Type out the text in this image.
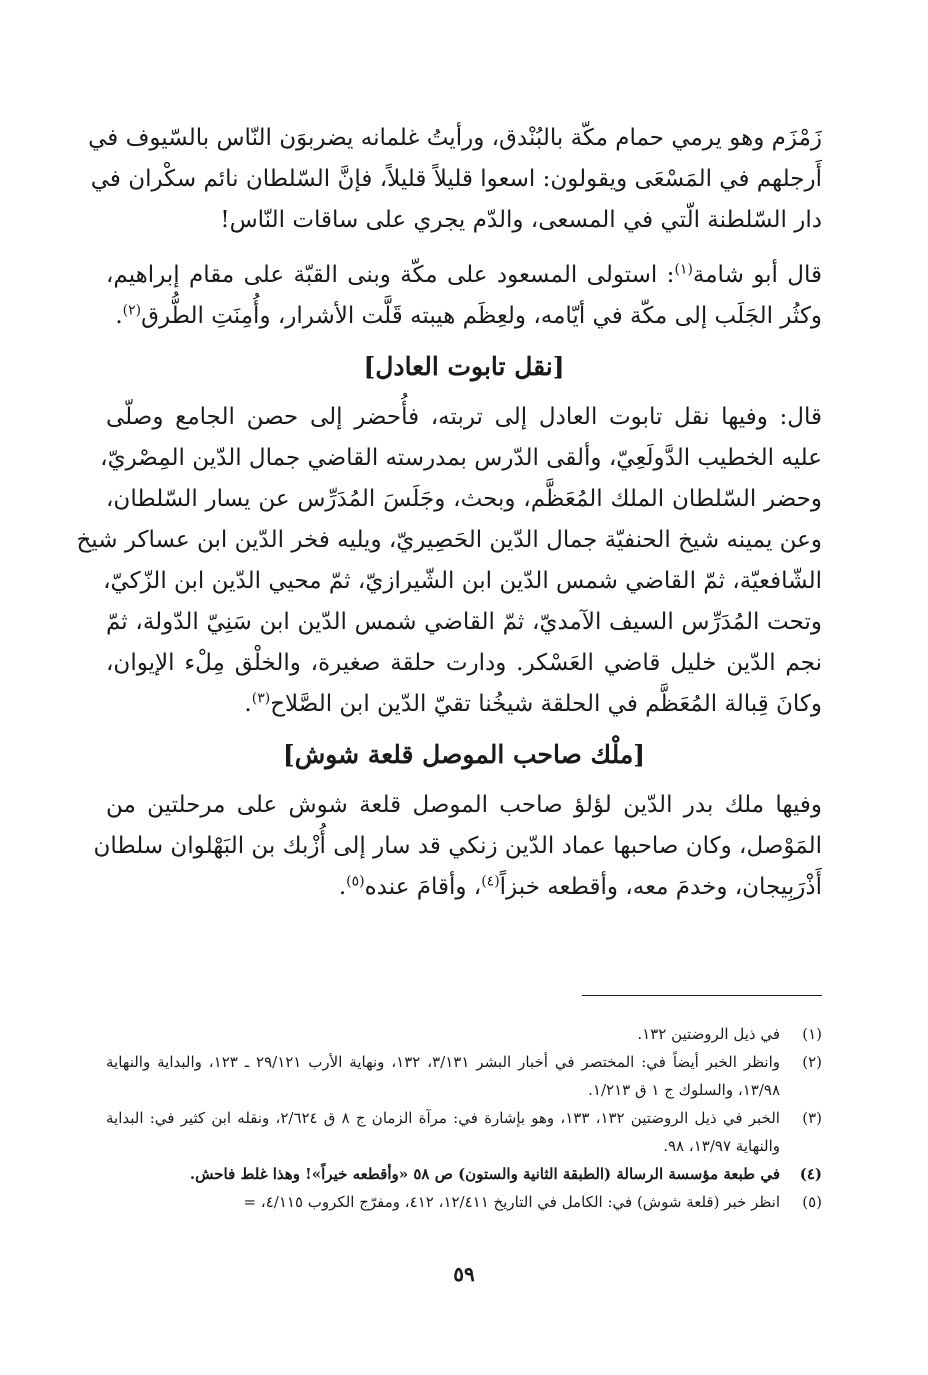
زَمْزَم وهو يرمي حمام مكّة بالبُنْدق، ورأيتُ غلمانه يضربوَن النّاس بالسّيوف في
أَرجلهم في المَسْعَى ويقولون: اسعوا قليلاً قليلاً، فإنَّ السّلطان نائم سكْران في
دار السّلطنة الّتي في المسعى، والدّم يجري على ساقات النّاس!
قال أبو شامة$^{(١)}$: استولى المسعود على مكّة وبنى القبّة على مقام إبراهيم،
وكثُر الجَلَب إلى مكّة في أيّامه، ولعِظَم هيبته قَلَّت الأشرار، وأُمِنَتِ الطُّرق$^{(٢)}$.
[نقل تابوت العادل]
قال: وفيها نقل تابوت العادل إلى تربته، فأُحضر إلى حصن الجامع وصلّى
عليه الخطيب الدَّولَعِيّ، وألقى الدّرس بمدرسته القاضي جمال الدّين المِصْريّ،
وحضر السّلطان الملك المُعَظَّم، وبحث، وجَلَسَ المُدَرِّس عن يسار السّلطان،
وعن يمينه شيخ الحنفيّة جمال الدّين الحَصِيريّ، ويليه فخر الدّين ابن عساكر شيخ
الشّافعيّة، ثمّ القاضي شمس الدّين ابن الشّيرازيّ، ثمّ محيي الدّين ابن الزّكيّ،
وتحت المُدَرِّس السيف الآمديّ، ثمّ القاضي شمس الدّين ابن سَنِيّ الدّولة، ثمّ
نجم الدّين خليل قاضي العَسْكر. ودارت حلقة صغيرة، والخلْق مِلْء الإيوان،
وكانَ قِبالة المُعَظَّم في الحلقة شيخُنا تقيّ الدّين ابن الصَّلاح$^{(٣)}$.
[ملْك صاحب الموصل قلعة شوش]
وفيها ملك بدر الدّين لؤلؤ صاحب الموصل قلعة شوش على مرحلتين من
المَوْصل، وكان صاحبها عماد الدّين زنكي قد سار إلى أُزْبك بن البَهْلوان سلطان
أَذْرَبِيجان، وخدمَ معه، وأقطعه خبزاً$^{(٤)}$، وأقامَ عنده$^{(٥)}$.
(١)
في ذيل الروضتين ١٣٢.
(٢)
وانظر الخبر أيضاً في: المختصر في أخبار البشر ٣/١٣١، ١٣٢، ونهاية الأرب ٢٩/١٢١ ـ ١٢٣، والبداية والنهاية ١٣/٩٨، والسلوك ج ١ ق ١/٢١٣.
(٣)
الخبر في ذيل الروضتين ١٣٢، ١٣٣، وهو بإشارة في: مرآة الزمان ج ٨ ق ٢/٦٢٤، ونقله ابن كثير في: البداية والنهاية ١٣/٩٧، ٩٨.
(٤)
في طبعة مؤسسة الرسالة (الطبقة الثانية والستون) ص ٥٨ «وأقطعه خيراً»! وهذا غلط فاحش.
(٥)
انظر خبر (قلعة شوش) في: الكامل في التاريخ ١٢/٤١١، ٤١٢، ومفرّج الكروب ٤/١١٥، =
٥٩
